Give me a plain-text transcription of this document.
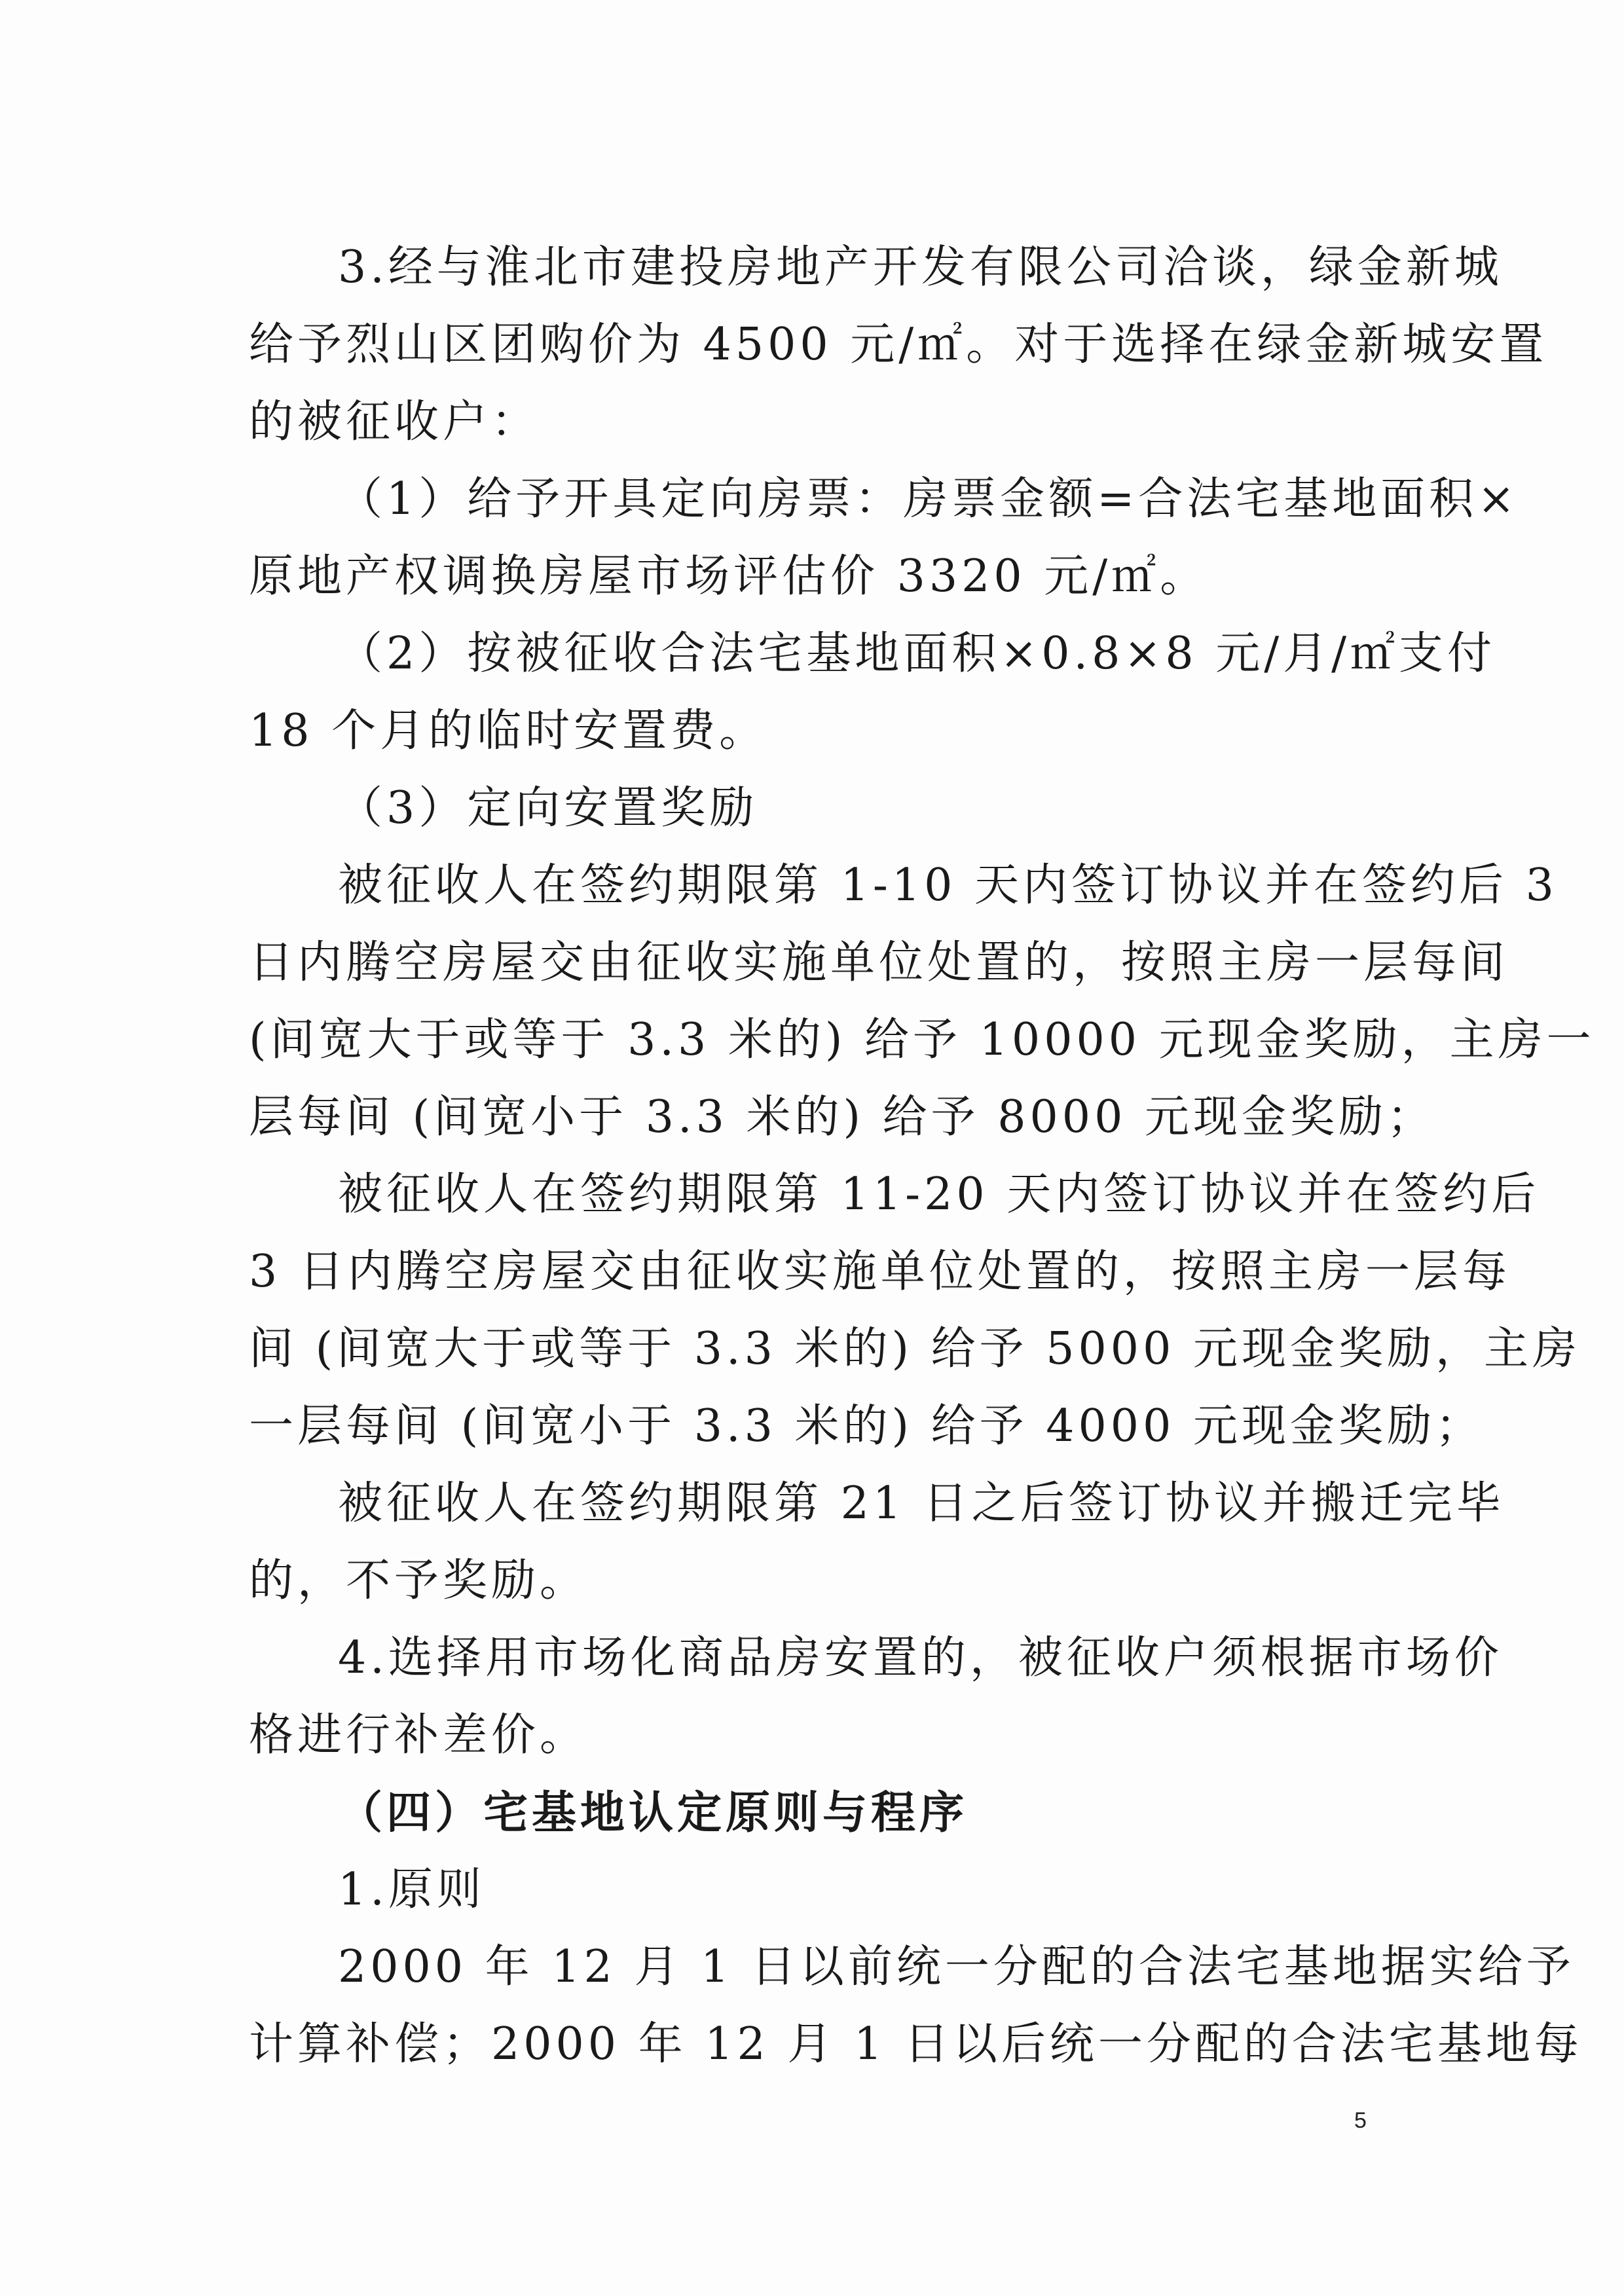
3.经与淮北市建投房地产开发有限公司洽谈，绿金新城
给予烈山区团购价为 4500 元/㎡。对于选择在绿金新城安置
的被征收户：
（1）给予开具定向房票：房票金额=合法宅基地面积×
原地产权调换房屋市场评估价 3320 元/㎡。
（2）按被征收合法宅基地面积×0.8×8 元/月/㎡支付
18 个月的临时安置费。
（3）定向安置奖励
被征收人在签约期限第 1-10 天内签订协议并在签约后 3
日内腾空房屋交由征收实施单位处置的，按照主房一层每间
(间宽大于或等于 3.3 米的) 给予 10000 元现金奖励，主房一
层每间 (间宽小于 3.3 米的) 给予 8000 元现金奖励；
被征收人在签约期限第 11-20 天内签订协议并在签约后
3 日内腾空房屋交由征收实施单位处置的，按照主房一层每
间 (间宽大于或等于 3.3 米的) 给予 5000 元现金奖励，主房
一层每间 (间宽小于 3.3 米的) 给予 4000 元现金奖励；
被征收人在签约期限第 21 日之后签订协议并搬迁完毕
的，不予奖励。
4.选择用市场化商品房安置的，被征收户须根据市场价
格进行补差价。
（四）宅基地认定原则与程序
1.原则
2000 年 12 月 1 日以前统一分配的合法宅基地据实给予
计算补偿；2000 年 12 月 1 日以后统一分配的合法宅基地每
5
